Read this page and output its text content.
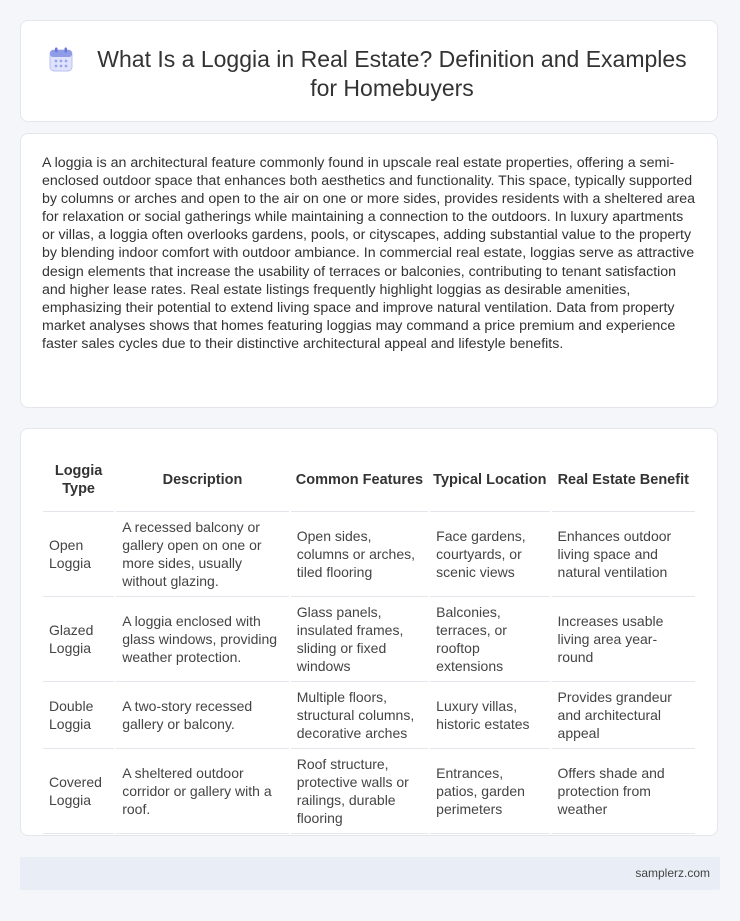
What Is a Loggia in Real Estate? Definition and Examples for Homebuyers

A loggia is an architectural feature commonly found in upscale real estate properties, offering a semi-enclosed outdoor space that enhances both aesthetics and functionality. This space, typically supported by columns or arches and open to the air on one or more sides, provides residents with a sheltered area for relaxation or social gatherings while maintaining a connection to the outdoors. In luxury apartments or villas, a loggia often overlooks gardens, pools, or cityscapes, adding substantial value to the property by blending indoor comfort with outdoor ambiance. In commercial real estate, loggias serve as attractive design elements that increase the usability of terraces or balconies, contributing to tenant satisfaction and higher lease rates. Real estate listings frequently highlight loggias as desirable amenities, emphasizing their potential to extend living space and improve natural ventilation. Data from property market analyses shows that homes featuring loggias may command a price premium and experience faster sales cycles due to their distinctive architectural appeal and lifestyle benefits.

Loggia Type	Description	Common Features	Typical Location	Real Estate Benefit
Open Loggia	A recessed balcony or gallery open on one or more sides, usually without glazing.	Open sides, columns or arches, tiled flooring	Face gardens, courtyards, or scenic views	Enhances outdoor living space and natural ventilation
Glazed Loggia	A loggia enclosed with glass windows, providing weather protection.	Glass panels, insulated frames, sliding or fixed windows	Balconies, terraces, or rooftop extensions	Increases usable living area year-round
Double Loggia	A two-story recessed gallery or balcony.	Multiple floors, structural columns, decorative arches	Luxury villas, historic estates	Provides grandeur and architectural appeal
Covered Loggia	A sheltered outdoor corridor or gallery with a roof.	Roof structure, protective walls or railings, durable flooring	Entrances, patios, garden perimeters	Offers shade and protection from weather
samplerz.com
